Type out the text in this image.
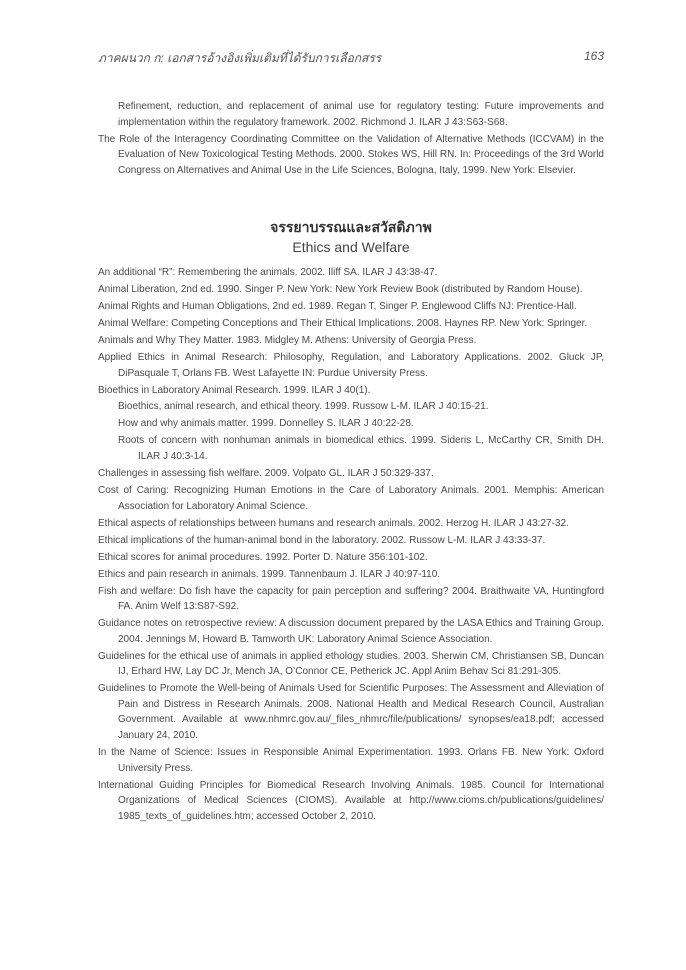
ภาคผนวก ก: เอกสารอ้างอิงเพิ่มเติมที่ได้รับการเลือกสรร	163
Refinement, reduction, and replacement of animal use for regulatory testing: Future improvements and implementation within the regulatory framework. 2002. Richmond J. ILAR J 43:S63-S68.
The Role of the Interagency Coordinating Committee on the Validation of Alternative Methods (ICCVAM) in the Evaluation of New Toxicological Testing Methods. 2000. Stokes WS, Hill RN. In: Proceedings of the 3rd World Congress on Alternatives and Animal Use in the Life Sciences, Bologna, Italy, 1999. New York: Elsevier.
จรรยาบรรณและสวัสดิภาพ
Ethics and Welfare
An additional “R”: Remembering the animals. 2002. Iliff SA. ILAR J 43:38-47.
Animal Liberation, 2nd ed. 1990. Singer P. New York: New York Review Book (distributed by Random House).
Animal Rights and Human Obligations, 2nd ed. 1989. Regan T, Singer P. Englewood Cliffs NJ: Prentice-Hall.
Animal Welfare: Competing Conceptions and Their Ethical Implications. 2008. Haynes RP. New York: Springer.
Animals and Why They Matter. 1983. Midgley M. Athens: University of Georgia Press.
Applied Ethics in Animal Research: Philosophy, Regulation, and Laboratory Applications. 2002. Gluck JP, DiPasquale T, Orlans FB. West Lafayette IN: Purdue University Press.
Bioethics in Laboratory Animal Research. 1999. ILAR J 40(1).
Bioethics, animal research, and ethical theory. 1999. Russow L-M. ILAR J 40:15-21.
How and why animals matter. 1999. Donnelley S. ILAR J 40:22-28.
Roots of concern with nonhuman animals in biomedical ethics. 1999. Sideris L, McCarthy CR, Smith DH. ILAR J 40:3-14.
Challenges in assessing fish welfare. 2009. Volpato GL. ILAR J 50:329-337.
Cost of Caring: Recognizing Human Emotions in the Care of Laboratory Animals. 2001. Memphis: American Association for Laboratory Animal Science.
Ethical aspects of relationships between humans and research animals. 2002. Herzog H. ILAR J 43:27-32.
Ethical implications of the human-animal bond in the laboratory. 2002. Russow L-M. ILAR J 43:33-37.
Ethical scores for animal procedures. 1992. Porter D. Nature 356:101-102.
Ethics and pain research in animals. 1999. Tannenbaum J. ILAR J 40:97-110.
Fish and welfare: Do fish have the capacity for pain perception and suffering? 2004. Braithwaite VA, Huntingford FA. Anim Welf 13:S87-S92.
Guidance notes on retrospective review: A discussion document prepared by the LASA Ethics and Training Group. 2004. Jennings M, Howard B. Tamworth UK: Laboratory Animal Science Association.
Guidelines for the ethical use of animals in applied ethology studies. 2003. Sherwin CM, Christiansen SB, Duncan IJ, Erhard HW, Lay DC Jr, Mench JA, O’Connor CE, Petherick JC. Appl Anim Behav Sci 81:291-305.
Guidelines to Promote the Well-being of Animals Used for Scientific Purposes: The Assessment and Alleviation of Pain and Distress in Research Animals. 2008. National Health and Medical Research Council, Australian Government. Available at www.nhmrc.gov.au/_files_nhmrc/file/publications/ synopses/ea18.pdf; accessed January 24, 2010.
In the Name of Science: Issues in Responsible Animal Experimentation. 1993. Orlans FB. New York: Oxford University Press.
International Guiding Principles for Biomedical Research Involving Animals. 1985. Council for International Organizations of Medical Sciences (CIOMS). Available at http://www.cioms.ch/publications/guidelines/ 1985_texts_of_guidelines.htm; accessed October 2, 2010.
